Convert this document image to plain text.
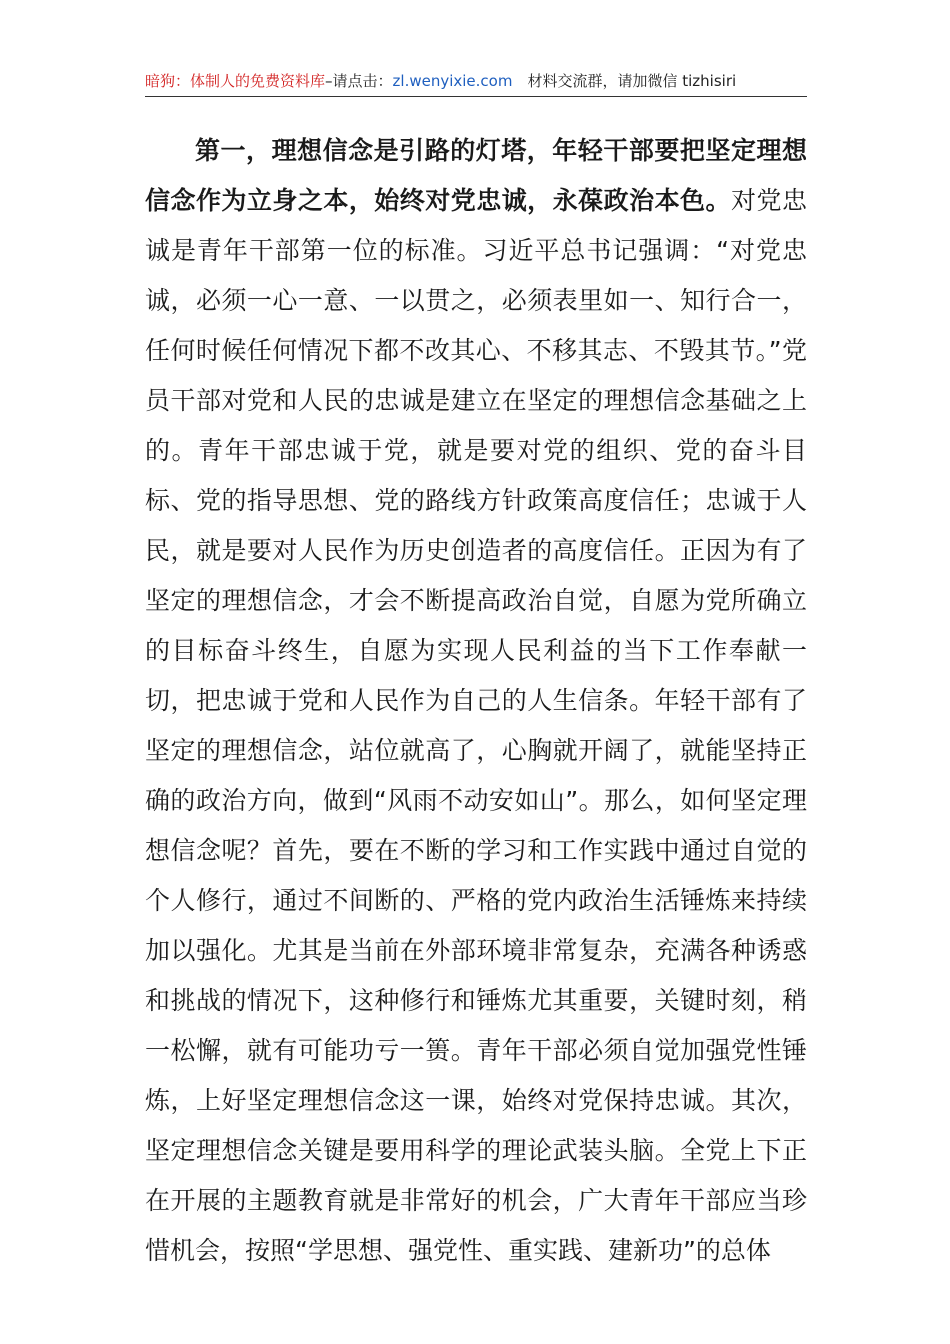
暗狗：体制人的免费资料库–请点击：zl.wenyixie.com　材料交流群，请加微信 tizhisiri

第一，理想信念是引路的灯塔，年轻干部要把坚定理想信念作为立身之本，始终对党忠诚，永葆政治本色。对党忠诚是青年干部第一位的标准。习近平总书记强调：“对党忠诚，必须一心一意、一以贯之，必须表里如一、知行合一，任何时候任何情况下都不改其心、不移其志、不毁其节。”党员干部对党和人民的忠诚是建立在坚定的理想信念基础之上的。青年干部忠诚于党，就是要对党的组织、党的奋斗目标、党的指导思想、党的路线方针政策高度信任；忠诚于人民，就是要对人民作为历史创造者的高度信任。正因为有了坚定的理想信念，才会不断提高政治自觉，自愿为党所确立的目标奋斗终生，自愿为实现人民利益的当下工作奉献一切，把忠诚于党和人民作为自己的人生信条。年轻干部有了坚定的理想信念，站位就高了，心胸就开阔了，就能坚持正确的政治方向，做到“风雨不动安如山”。那么，如何坚定理想信念呢？首先，要在不断的学习和工作实践中通过自觉的个人修行，通过不间断的、严格的党内政治生活锤炼来持续加以强化。尤其是当前在外部环境非常复杂，充满各种诱惑和挑战的情况下，这种修行和锤炼尤其重要，关键时刻，稍一松懈，就有可能功亏一篑。青年干部必须自觉加强党性锤炼，上好坚定理想信念这一课，始终对党保持忠诚。其次，坚定理想信念关键是要用科学的理论武装头脑。全党上下正在开展的主题教育就是非常好的机会，广大青年干部应当珍惜机会，按照“学思想、强党性、重实践、建新功”的总体
